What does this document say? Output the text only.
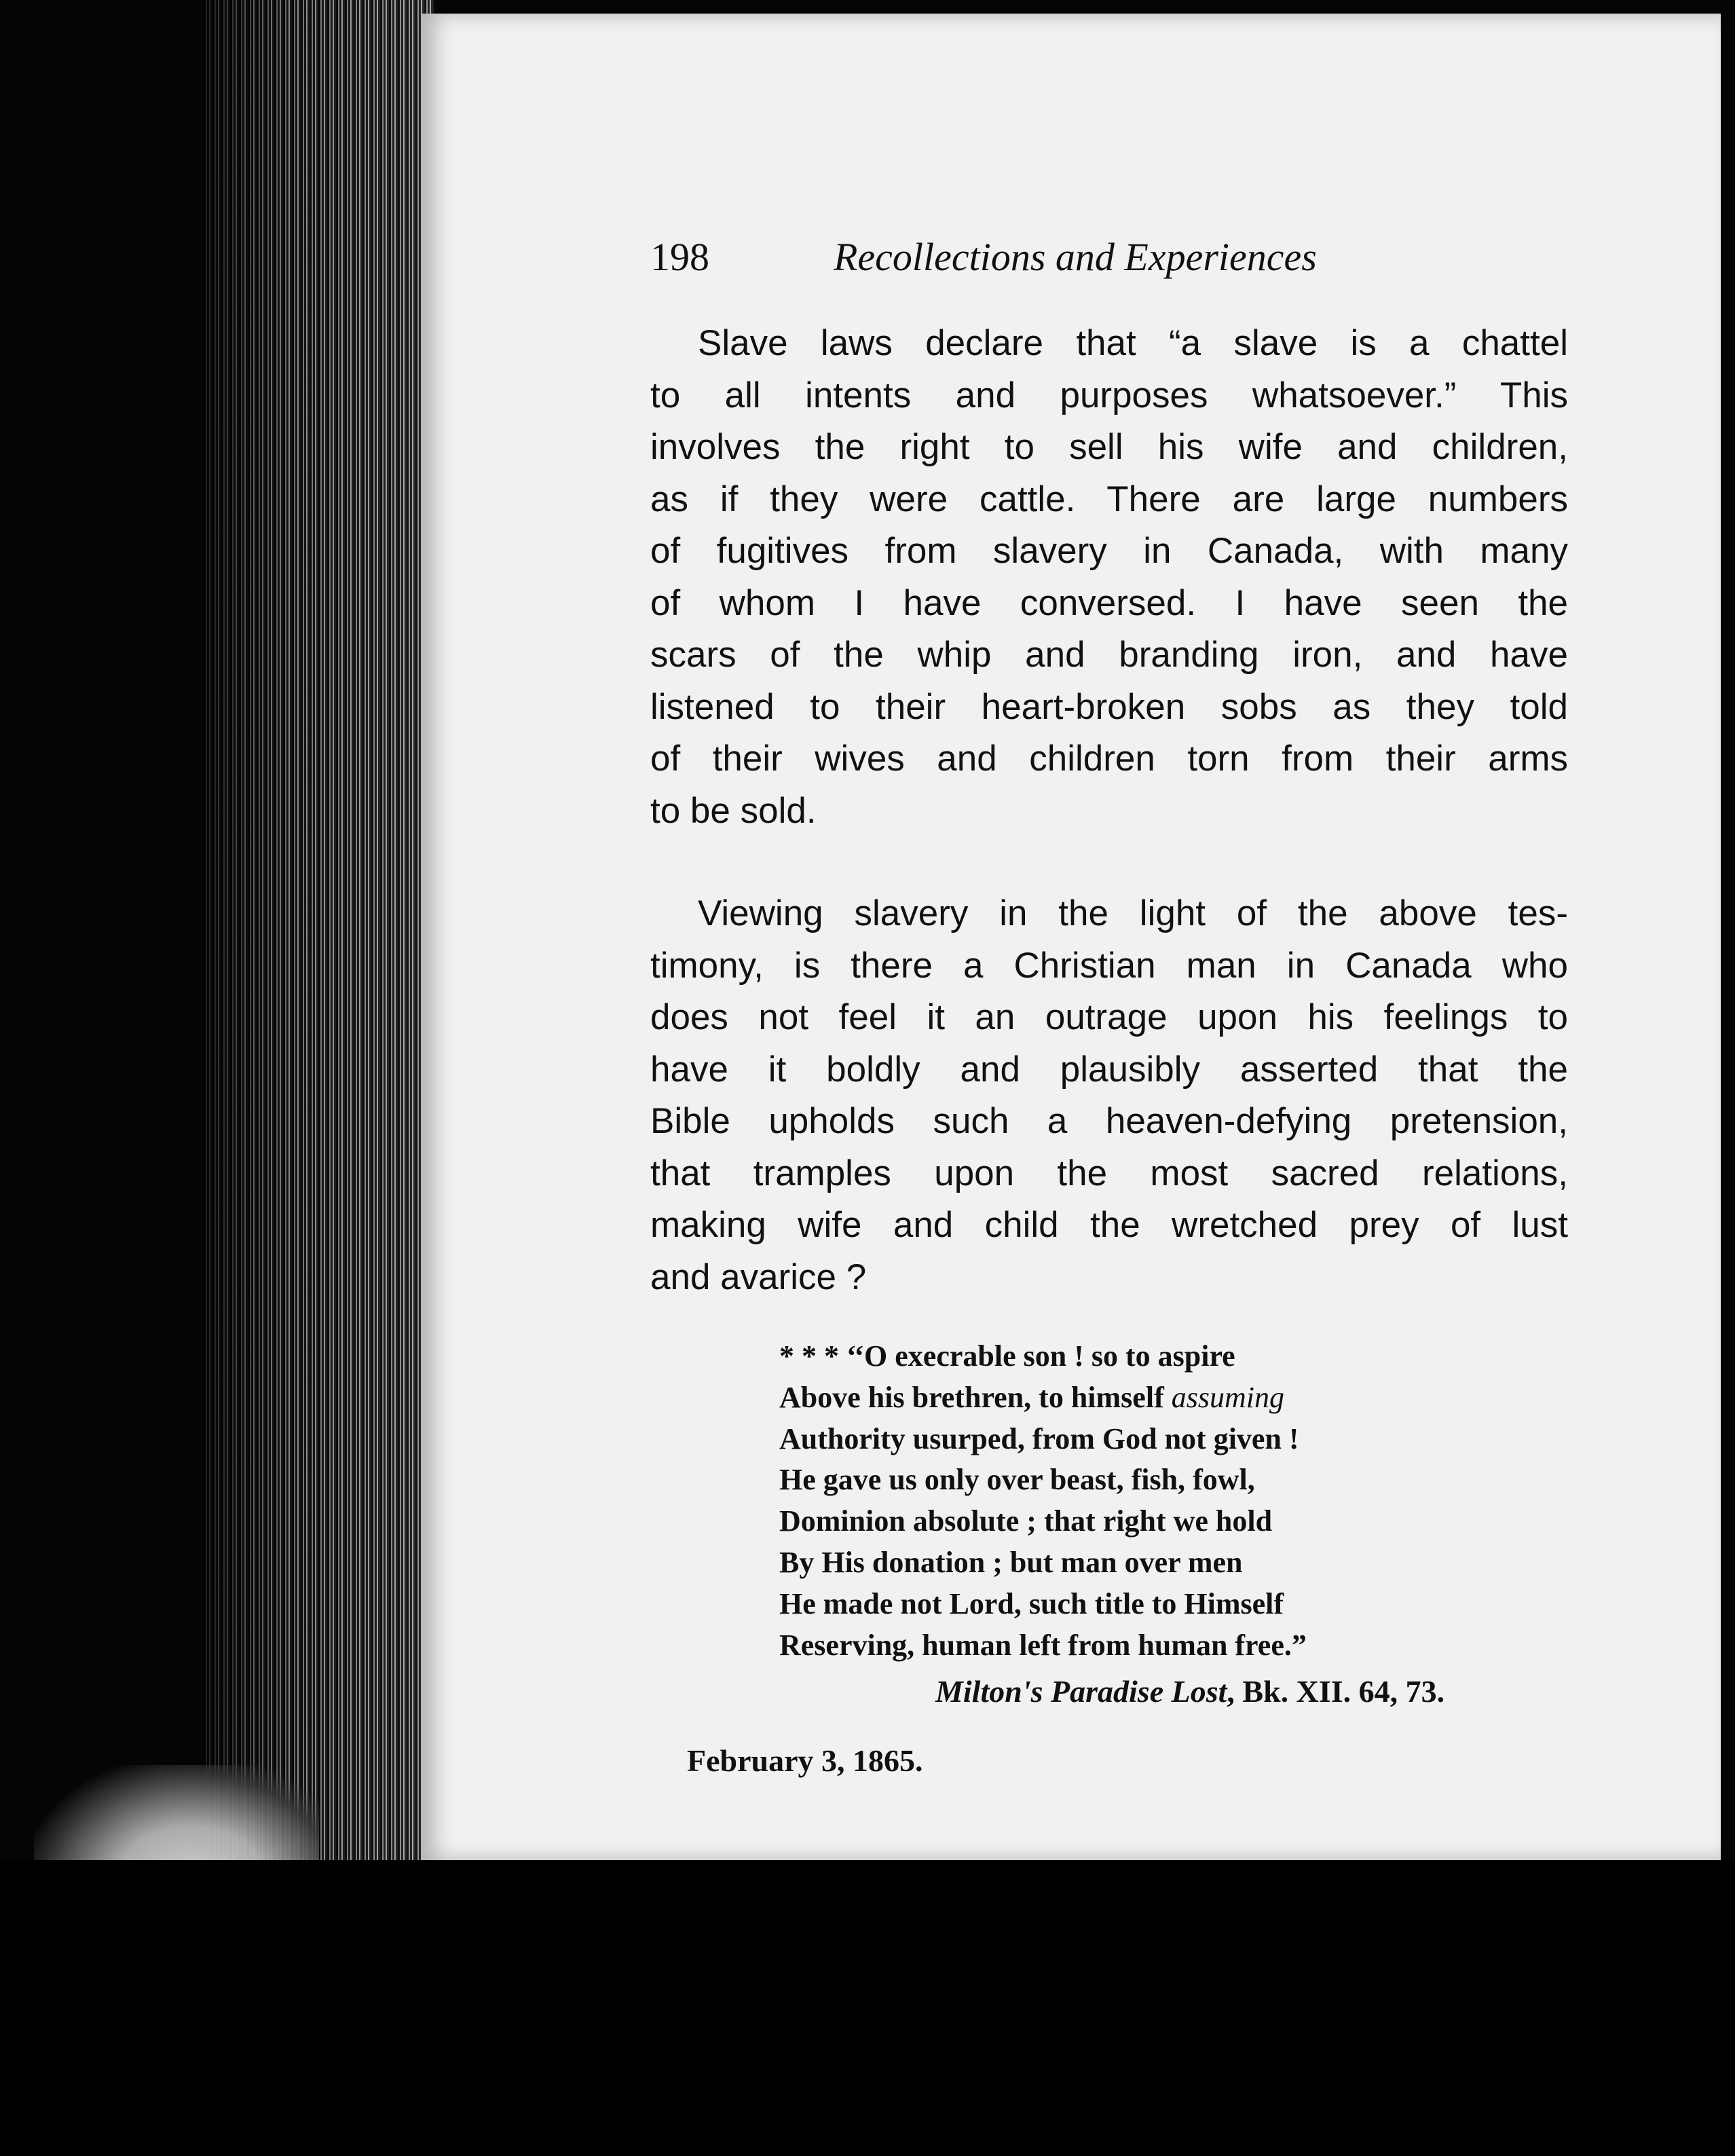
198	Recollections and Experiences
Slave laws declare that “a slave is a chattel
to all intents and purposes whatsoever.” This
involves the right to sell his wife and children,
as if they were cattle. There are large numbers
of fugitives from slavery in Canada, with many
of whom I have conversed. I have seen the
scars of the whip and branding iron, and have
listened to their heart-broken sobs as they told
of their wives and children torn from their arms
to be sold.
Viewing slavery in the light of the above tes-
timony, is there a Christian man in Canada who
does not feel it an outrage upon his feelings to
have it boldly and plausibly asserted that the
Bible upholds such a heaven-defying pretension,
that tramples upon the most sacred relations,
making wife and child the wretched prey of lust
and avarice ?
* * * ‘‘O execrable son ! so to aspire
Above his brethren, to himself assuming
Authority usurped, from God not given !
He gave us only over beast, fish, fowl,
Dominion absolute ; that right we hold
By His donation ; but man over men
He made not Lord, such title to Himself
Reserving, human left from human free.”
Milton's Paradise Lost, Bk. XII. 64, 73.
February 3, 1865.
